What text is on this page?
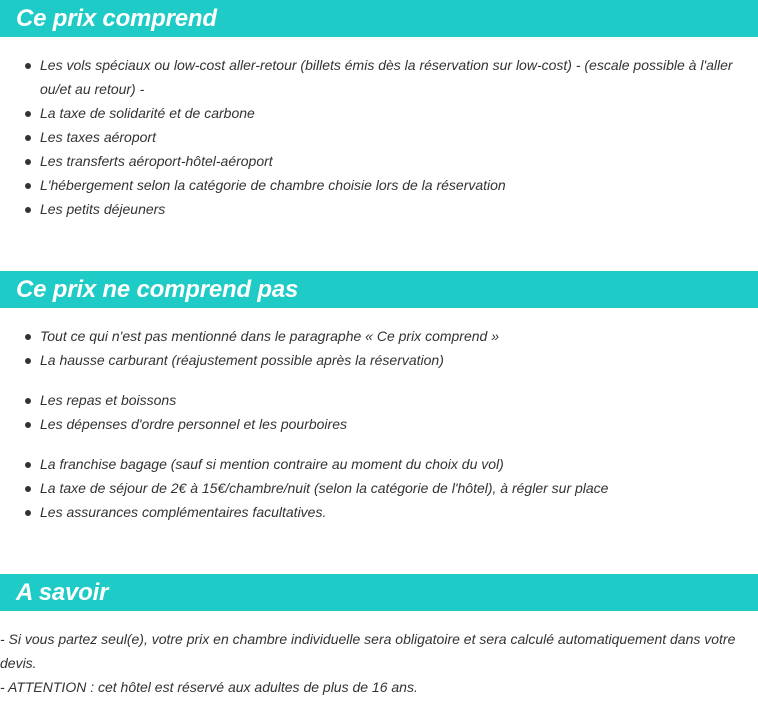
Ce prix comprend
Les vols spéciaux ou low-cost aller-retour (billets émis dès la réservation sur low-cost) - (escale possible à l'aller ou/et au retour) -
La taxe de solidarité et de carbone
Les taxes aéroport
Les transferts aéroport-hôtel-aéroport
L'hébergement selon la catégorie de chambre choisie lors de la réservation
Les petits déjeuners
Ce prix ne comprend pas
Tout ce qui n'est pas mentionné dans le paragraphe « Ce prix comprend »
La hausse carburant (réajustement possible après la réservation)
Les repas et boissons
Les dépenses d'ordre personnel et les pourboires
La franchise bagage (sauf si mention contraire au moment du choix du vol)
La taxe de séjour de 2€ à 15€/chambre/nuit (selon la catégorie de l'hôtel), à régler sur place
Les assurances complémentaires facultatives.
A savoir
- Si vous partez seul(e), votre prix en chambre individuelle sera obligatoire et sera calculé automatiquement dans votre devis.
- ATTENTION : cet hôtel est réservé aux adultes de plus de 16 ans.
